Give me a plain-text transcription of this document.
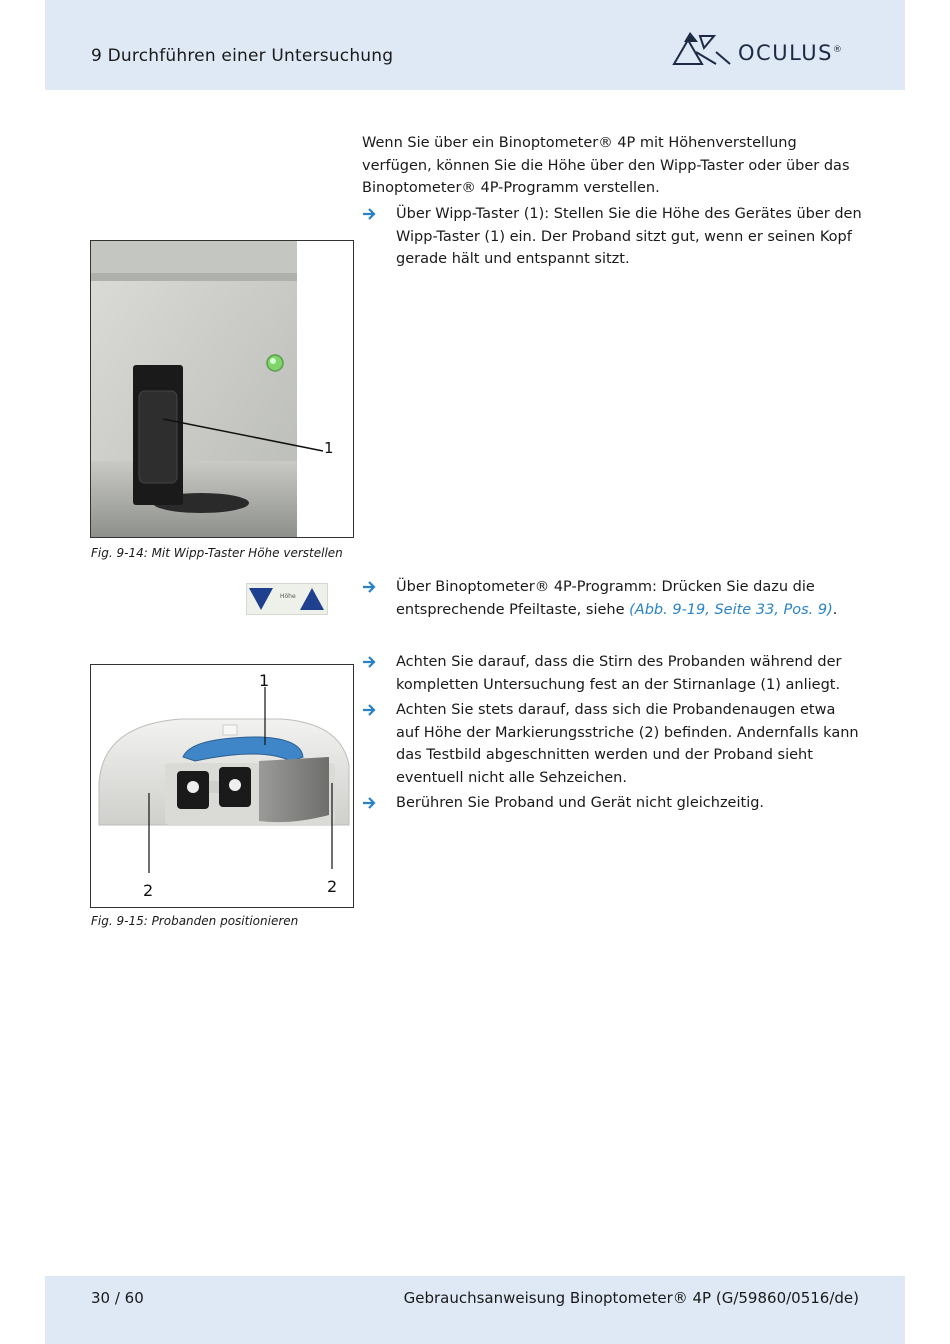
9 Durchführen einer Untersuchung	OCULUS®

Wenn Sie über ein Binoptometer® 4P mit Höhenverstellung verfügen, können Sie die Höhe über den Wipp-Taster oder über das Binoptometer® 4P-Programm verstellen.

Über Wipp-Taster (1): Stellen Sie die Höhe des Gerätes über den Wipp-Taster (1) ein. Der Proband sitzt gut, wenn er seinen Kopf gerade hält und entspannt sitzt.
1
Fig. 9-14: Mit Wipp-Taster Höhe verstellen
Höhe
Über Binoptometer® 4P-Programm: Drücken Sie dazu die entsprechende Pfeiltaste, siehe (Abb. 9-19, Seite 33, Pos. 9).
1
2	2
Fig. 9-15: Probanden positionieren
Achten Sie darauf, dass die Stirn des Probanden während der kompletten Untersuchung fest an der Stirnanlage (1) anliegt.
Achten Sie stets darauf, dass sich die Probandenaugen etwa auf Höhe der Markierungsstriche (2) befinden. Andernfalls kann das Testbild abgeschnitten werden und der Proband sieht eventuell nicht alle Sehzeichen.
Berühren Sie Proband und Gerät nicht gleichzeitig.
30 / 60	Gebrauchsanweisung Binoptometer® 4P (G/59860/0516/de)
